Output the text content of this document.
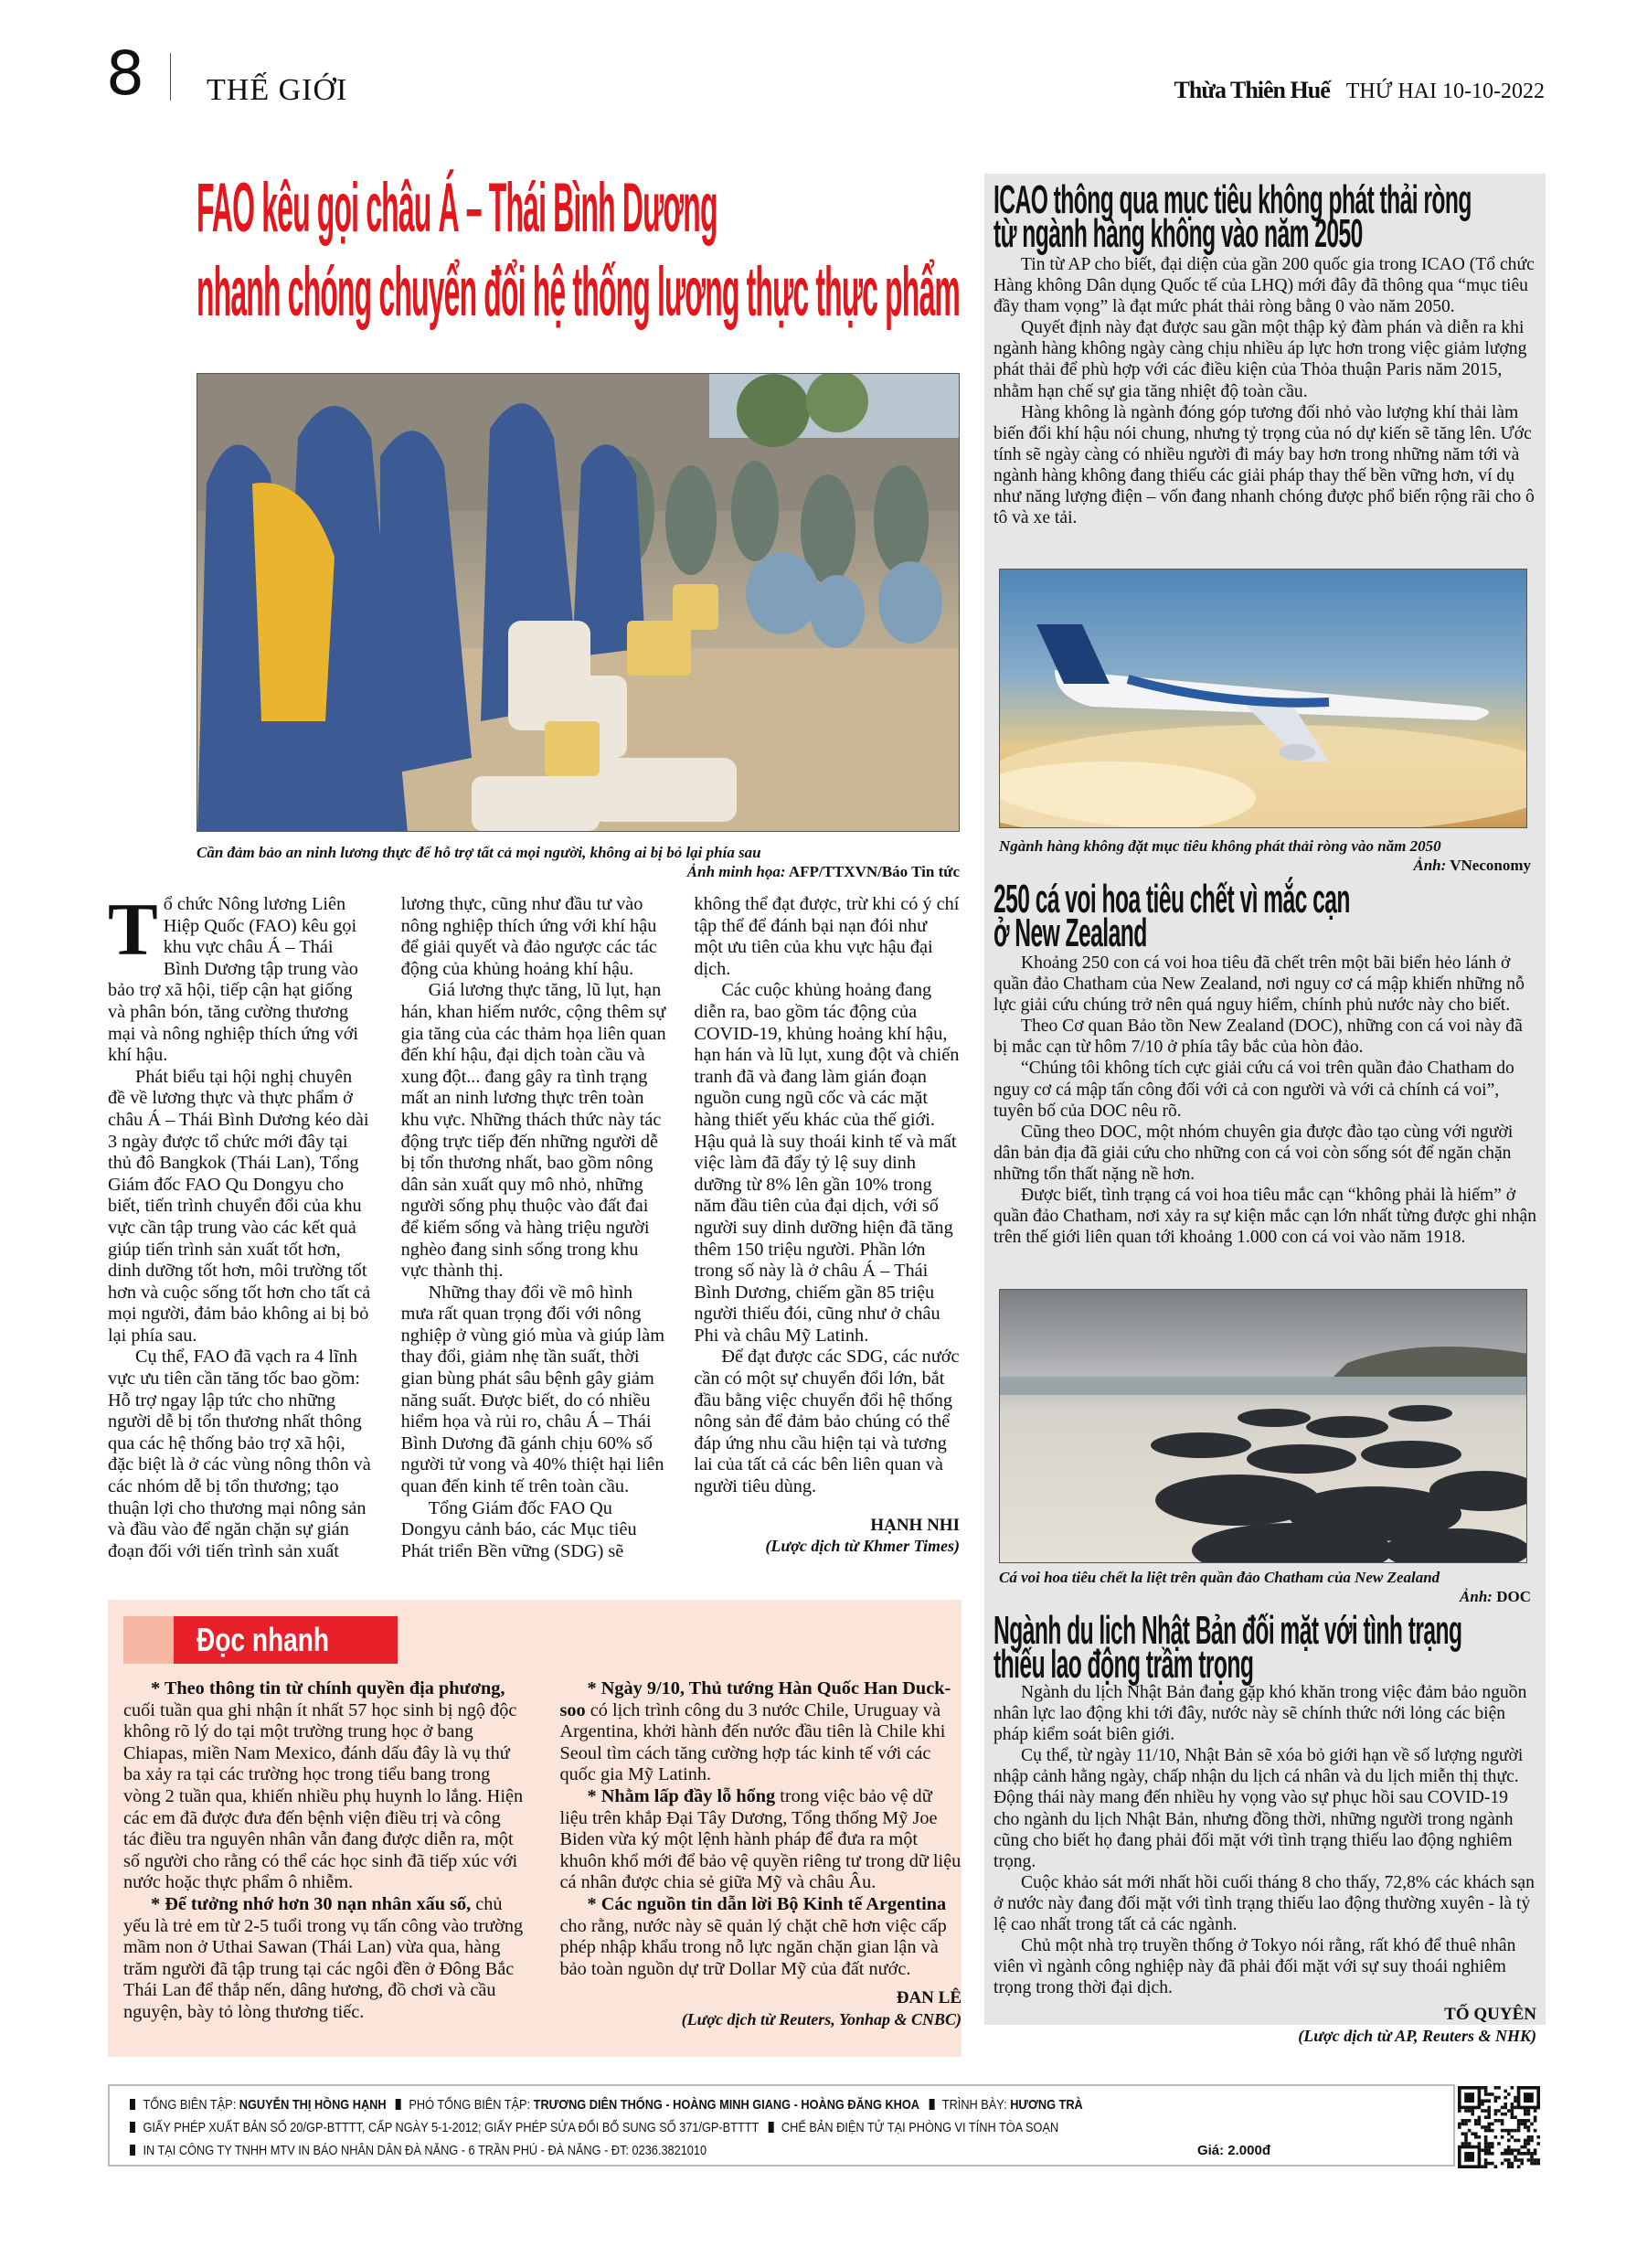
8 THẾ GIỚI	Thừa Thiên Huế THỨ HAI 10-10-2022
FAO kêu gọi châu Á – Thái Bình Dương
nhanh chóng chuyển đổi hệ thống lương thực thực phẩm
Cần đảm bảo an ninh lương thực để hỗ trợ tất cả mọi người, không ai bị bỏ lại phía sau
Ảnh minh họa: AFP/TTXVN/Báo Tin tức

Tổ chức Nông lương Liên Hiệp Quốc (FAO) kêu gọi khu vực châu Á – Thái Bình Dương tập trung vào bảo trợ xã hội, tiếp cận hạt giống và phân bón, tăng cường thương mại và nông nghiệp thích ứng với khí hậu.

Phát biểu tại hội nghị chuyên đề về lương thực và thực phẩm ở châu Á – Thái Bình Dương kéo dài 3 ngày được tổ chức mới đây tại thủ đô Bangkok (Thái Lan), Tổng Giám đốc FAO Qu Dongyu cho biết, tiến trình chuyển đổi của khu vực cần tập trung vào các kết quả giúp tiến trình sản xuất tốt hơn, dinh dưỡng tốt hơn, môi trường tốt hơn và cuộc sống tốt hơn cho tất cả mọi người, đảm bảo không ai bị bỏ lại phía sau.

Cụ thể, FAO đã vạch ra 4 lĩnh vực ưu tiên cần tăng tốc bao gồm: Hỗ trợ ngay lập tức cho những người dễ bị tổn thương nhất thông qua các hệ thống bảo trợ xã hội, đặc biệt là ở các vùng nông thôn và các nhóm dễ bị tổn thương; tạo thuận lợi cho thương mại nông sản và đầu vào để ngăn chặn sự gián đoạn đối với tiến trình sản xuất lương thực, cũng như đầu tư vào nông nghiệp thích ứng với khí hậu để giải quyết và đảo ngược các tác động của khủng hoảng khí hậu.

Giá lương thực tăng, lũ lụt, hạn hán, khan hiếm nước, cộng thêm sự gia tăng của các thảm họa liên quan đến khí hậu, đại dịch toàn cầu và xung đột... đang gây ra tình trạng mất an ninh lương thực trên toàn khu vực. Những thách thức này tác động trực tiếp đến những người dễ bị tổn thương nhất, bao gồm nông dân sản xuất quy mô nhỏ, những người sống phụ thuộc vào đất đai để kiếm sống và hàng triệu người nghèo đang sinh sống trong khu vực thành thị.

Những thay đổi về mô hình mưa rất quan trọng đối với nông nghiệp ở vùng gió mùa và giúp làm thay đổi, giảm nhẹ tần suất, thời gian bùng phát sâu bệnh gây giảm năng suất. Được biết, do có nhiều hiểm họa và rủi ro, châu Á – Thái Bình Dương đã gánh chịu 60% số người tử vong và 40% thiệt hại liên quan đến kinh tế trên toàn cầu.

Tổng Giám đốc FAO Qu Dongyu cảnh báo, các Mục tiêu Phát triển Bền vững (SDG) sẽ không thể đạt được, trừ khi có ý chí tập thể để đánh bại nạn đói như một ưu tiên của khu vực hậu đại dịch.

Các cuộc khủng hoảng đang diễn ra, bao gồm tác động của COVID-19, khủng hoảng khí hậu, hạn hán và lũ lụt, xung đột và chiến tranh đã và đang làm gián đoạn nguồn cung ngũ cốc và các mặt hàng thiết yếu khác của thế giới. Hậu quả là suy thoái kinh tế và mất việc làm đã đẩy tỷ lệ suy dinh dưỡng từ 8% lên gần 10% trong năm đầu tiên của đại dịch, với số người suy dinh dưỡng hiện đã tăng thêm 150 triệu người. Phần lớn trong số này là ở châu Á – Thái Bình Dương, chiếm gần 85 triệu người thiếu đói, cũng như ở châu Phi và châu Mỹ Latinh.

Để đạt được các SDG, các nước cần có một sự chuyển đổi lớn, bắt đầu bằng việc chuyển đổi hệ thống nông sản để đảm bảo chúng có thể đáp ứng nhu cầu hiện tại và tương lai của tất cả các bên liên quan và người tiêu dùng.

HẠNH NHI
(Lược dịch từ Khmer Times)
ICAO thông qua mục tiêu không phát thải ròng
từ ngành hàng không vào năm 2050

Tin từ AP cho biết, đại diện của gần 200 quốc gia trong ICAO (Tổ chức Hàng không Dân dụng Quốc tế của LHQ) mới đây đã thông qua “mục tiêu đầy tham vọng” là đạt mức phát thải ròng bằng 0 vào năm 2050.

Quyết định này đạt được sau gần một thập kỷ đàm phán và diễn ra khi ngành hàng không ngày càng chịu nhiều áp lực hơn trong việc giảm lượng phát thải để phù hợp với các điều kiện của Thỏa thuận Paris năm 2015, nhằm hạn chế sự gia tăng nhiệt độ toàn cầu.

Hàng không là ngành đóng góp tương đối nhỏ vào lượng khí thải làm biến đổi khí hậu nói chung, nhưng tỷ trọng của nó dự kiến sẽ tăng lên. Ước tính sẽ ngày càng có nhiều người đi máy bay hơn trong những năm tới và ngành hàng không đang thiếu các giải pháp thay thế bền vững hơn, ví dụ như năng lượng điện – vốn đang nhanh chóng được phổ biến rộng rãi cho ô tô và xe tải.

Ngành hàng không đặt mục tiêu không phát thải ròng vào năm 2050
Ảnh: VNeconomy
250 cá voi hoa tiêu chết vì mắc cạn
ở New Zealand

Khoảng 250 con cá voi hoa tiêu đã chết trên một bãi biển hẻo lánh ở quần đảo Chatham của New Zealand, nơi nguy cơ cá mập khiến những nỗ lực giải cứu chúng trở nên quá nguy hiểm, chính phủ nước này cho biết.

Theo Cơ quan Bảo tồn New Zealand (DOC), những con cá voi này đã bị mắc cạn từ hôm 7/10 ở phía tây bắc của hòn đảo.

“Chúng tôi không tích cực giải cứu cá voi trên quần đảo Chatham do nguy cơ cá mập tấn công đối với cả con người và với cả chính cá voi”, tuyên bố của DOC nêu rõ.

Cũng theo DOC, một nhóm chuyên gia được đào tạo cùng với người dân bản địa đã giải cứu cho những con cá voi còn sống sót để ngăn chặn những tổn thất nặng nề hơn.

Được biết, tình trạng cá voi hoa tiêu mắc cạn “không phải là hiếm” ở quần đảo Chatham, nơi xảy ra sự kiện mắc cạn lớn nhất từng được ghi nhận trên thế giới liên quan tới khoảng 1.000 con cá voi vào năm 1918.

Cá voi hoa tiêu chết la liệt trên quần đảo Chatham của New Zealand
Ảnh: DOC
Ngành du lịch Nhật Bản đối mặt với tình trạng
thiếu lao động trầm trọng

Ngành du lịch Nhật Bản đang gặp khó khăn trong việc đảm bảo nguồn nhân lực lao động khi tới đây, nước này sẽ chính thức nới lỏng các biện pháp kiểm soát biên giới.

Cụ thể, từ ngày 11/10, Nhật Bản sẽ xóa bỏ giới hạn về số lượng người nhập cảnh hằng ngày, chấp nhận du lịch cá nhân và du lịch miễn thị thực. Động thái này mang đến nhiều hy vọng vào sự phục hồi sau COVID-19 cho ngành du lịch Nhật Bản, nhưng đồng thời, những người trong ngành cũng cho biết họ đang phải đối mặt với tình trạng thiếu lao động nghiêm trọng.

Cuộc khảo sát mới nhất hồi cuối tháng 8 cho thấy, 72,8% các khách sạn ở nước này đang đối mặt với tình trạng thiếu lao động thường xuyên - là tỷ lệ cao nhất trong tất cả các ngành.

Chủ một nhà trọ truyền thống ở Tokyo nói rằng, rất khó để thuê nhân viên vì ngành công nghiệp này đã phải đối mặt với sự suy thoái nghiêm trọng trong thời đại dịch.

TỐ QUYÊN
(Lược dịch từ AP, Reuters & NHK)
Đọc nhanh

* Theo thông tin từ chính quyền địa phương, cuối tuần qua ghi nhận ít nhất 57 học sinh bị ngộ độc không rõ lý do tại một trường trung học ở bang Chiapas, miền Nam Mexico, đánh dấu đây là vụ thứ ba xảy ra tại các trường học trong tiểu bang trong vòng 2 tuần qua, khiến nhiều phụ huynh lo lắng. Hiện các em đã được đưa đến bệnh viện điều trị và công tác điều tra nguyên nhân vẫn đang được diễn ra, một số người cho rằng có thể các học sinh đã tiếp xúc với nước hoặc thực phẩm ô nhiễm.

* Để tưởng nhớ hơn 30 nạn nhân xấu số, chủ yếu là trẻ em từ 2-5 tuổi trong vụ tấn công vào trường mầm non ở Uthai Sawan (Thái Lan) vừa qua, hàng trăm người đã tập trung tại các ngôi đền ở Đông Bắc Thái Lan để thắp nến, dâng hương, đồ chơi và cầu nguyện, bày tỏ lòng thương tiếc.

* Ngày 9/10, Thủ tướng Hàn Quốc Han Duck-soo có lịch trình công du 3 nước Chile, Uruguay và Argentina, khởi hành đến nước đầu tiên là Chile khi Seoul tìm cách tăng cường hợp tác kinh tế với các quốc gia Mỹ Latinh.

* Nhằm lấp đầy lỗ hổng trong việc bảo vệ dữ liệu trên khắp Đại Tây Dương, Tổng thống Mỹ Joe Biden vừa ký một lệnh hành pháp để đưa ra một khuôn khổ mới để bảo vệ quyền riêng tư trong dữ liệu cá nhân được chia sẻ giữa Mỹ và châu Âu.

* Các nguồn tin dẫn lời Bộ Kinh tế Argentina cho rằng, nước này sẽ quản lý chặt chẽ hơn việc cấp phép nhập khẩu trong nỗ lực ngăn chặn gian lận và bảo toàn nguồn dự trữ Dollar Mỹ của đất nước.

ĐAN LÊ
(Lược dịch từ Reuters, Yonhap & CNBC)
TỔNG BIÊN TẬP: NGUYỄN THỊ HỒNG HẠNH PHÓ TỔNG BIÊN TẬP: TRƯƠNG DIÊN THỐNG - HOÀNG MINH GIANG - HOÀNG ĐĂNG KHOA TRÌNH BÀY: HƯƠNG TRÀ
GIẤY PHÉP XUẤT BẢN SỐ 20/GP-BTTTT, CẤP NGÀY 5-1-2012; GIẤY PHÉP SỬA ĐỔI BỔ SUNG SỐ 371/GP-BTTTT CHẾ BẢN ĐIỆN TỬ TẠI PHÒNG VI TÍNH TÒA SOẠN
IN TẠI CÔNG TY TNHH MTV IN BÁO NHÂN DÂN ĐÀ NẴNG - 6 TRẦN PHÚ - ĐÀ NẴNG - ĐT: 0236.3821010	Giá: 2.000đ
